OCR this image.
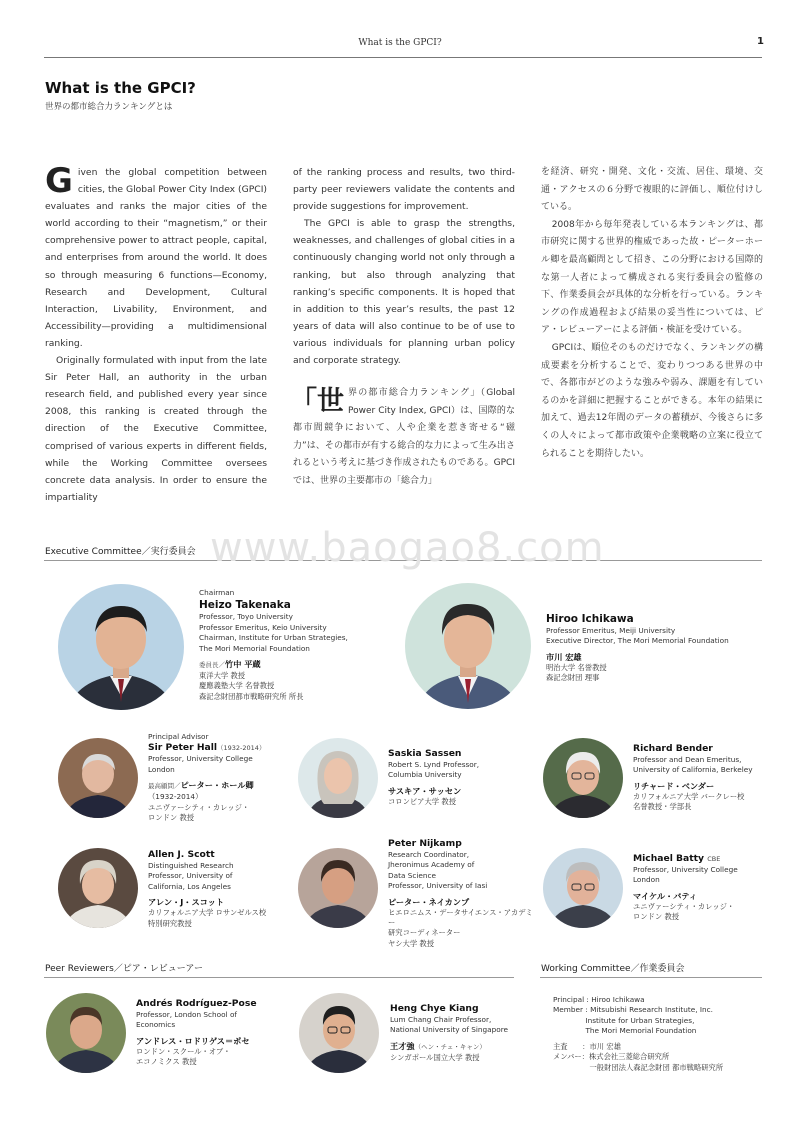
What is the GPCI?	1
What is the GPCI?
世界の都市総合力ランキングとは

Given the global competition between cities, the Global Power City Index (GPCI) evaluates and ranks the major cities of the world according to their “magnetism,” or their comprehensive power to attract people, capital, and enterprises from around the world. It does so through measuring 6 functions—Economy, Research and Development, Cultural Interaction, Livability, Environment, and Accessibility—providing a multidimensional ranking.

Originally formulated with input from the late Sir Peter Hall, an authority in the urban research field, and published every year since 2008, this ranking is created through the direction of the Executive Committee, comprised of various experts in different fields, while the Working Committee oversees concrete data analysis. In order to ensure the impartiality

of the ranking process and results, two third-party peer reviewers validate the contents and provide suggestions for improvement.

The GPCI is able to grasp the strengths, weaknesses, and challenges of global cities in a continuously changing world not only through a ranking, but also through analyzing that ranking’s specific components. It is hoped that in addition to this year’s results, the past 12 years of data will also continue to be of use to various individuals for planning urban policy and corporate strategy.

「世界の都市総合力ランキング」（Global Power City Index, GPCI）は、国際的な都市間競争において、人や企業を惹き寄せる“磁力”は、その都市が有する総合的な力によって生み出されるという考えに基づき作成されたものである。GPCIでは、世界の主要都市の「総合力」

を経済、研究・開発、文化・交流、居住、環境、交通・アクセスの６分野で複眼的に評価し、順位付けしている。

2008年から毎年発表している本ランキングは、都市研究に関する世界的権威であった故・ピーターホール卿を最高顧問として招き、この分野における国際的な第一人者によって構成される実行委員会の監修の下、作業委員会が具体的な分析を行っている。ランキングの作成過程および結果の妥当性については、ピア・レビューアーによる評価・検証を受けている。

GPCIは、順位そのものだけでなく、ランキングの構成要素を分析することで、変わりつつある世界の中で、各都市がどのような強みや弱み、課題を有しているのかを詳細に把握することができる。本年の結果に加えて、過去12年間のデータの蓄積が、今後さらに多くの人々によって都市政策や企業戦略の立案に役立てられることを期待したい。

Executive Committee／実行委員会 www.baogao8.com
Chairman
Heizo Takenaka
Professor, Toyo University
Professor Emeritus, Keio University
Chairman, Institute for Urban Strategies,
The Mori Memorial Foundation
委員長／竹中 平蔵
東洋大学 教授
慶應義塾大学 名誉教授
森記念財団都市戦略研究所 所長
Hiroo Ichikawa
Professor Emeritus, Meiji University
Executive Director, The Mori Memorial Foundation
市川 宏雄
明治大学 名誉教授
森記念財団 理事
Principal Advisor
Sir Peter Hall（1932-2014）
Professor, University College
London
最高顧問／ピーター・ホール卿
（1932-2014）
ユニヴァーシティ・カレッジ・
ロンドン 教授
Saskia Sassen
Robert S. Lynd Professor,
Columbia University
サスキア・サッセン
コロンビア大学 教授
Richard Bender
Professor and Dean Emeritus,
University of California, Berkeley
リチャード・ベンダー
カリフォルニア大学 バークレー校
名誉教授・学部長
Allen J. Scott
Distinguished Research
Professor, University of
California, Los Angeles
アレン・J・スコット
カリフォルニア大学 ロサンゼルス校
特別研究教授
Peter Nijkamp
Research Coordinator,
Jheronimus Academy of
Data Science
Professor, University of Iasi
ピーター・ネイカンプ
ヒエロニムス・データサイエンス・アカデミー
研究コーディネーター
ヤシ大学 教授
Michael Batty CBE
Professor, University College
London
マイケル・バティ
ユニヴァーシティ・カレッジ・
ロンドン 教授
Peer Reviewers／ピア・レビューアー
Andrés Rodríguez-Pose
Professor, London School of
Economics
アンドレス・ロドリゲス＝ポセ
ロンドン・スクール・オブ・
エコノミクス 教授
Heng Chye Kiang
Lum Chang Chair Professor,
National University of Singapore
王才強（ヘン・チェ・キャン）
シンガポール国立大学 教授
Working Committee／作業委員会
Principal : Hiroo Ichikawa
Member : Mitsubishi Research Institute, Inc.
Institute for Urban Strategies,
The Mori Memorial Foundation
主査　　：市川 宏雄
メンバー：株式会社三菱総合研究所
　　　　　一般財団法人森記念財団 都市戦略研究所
